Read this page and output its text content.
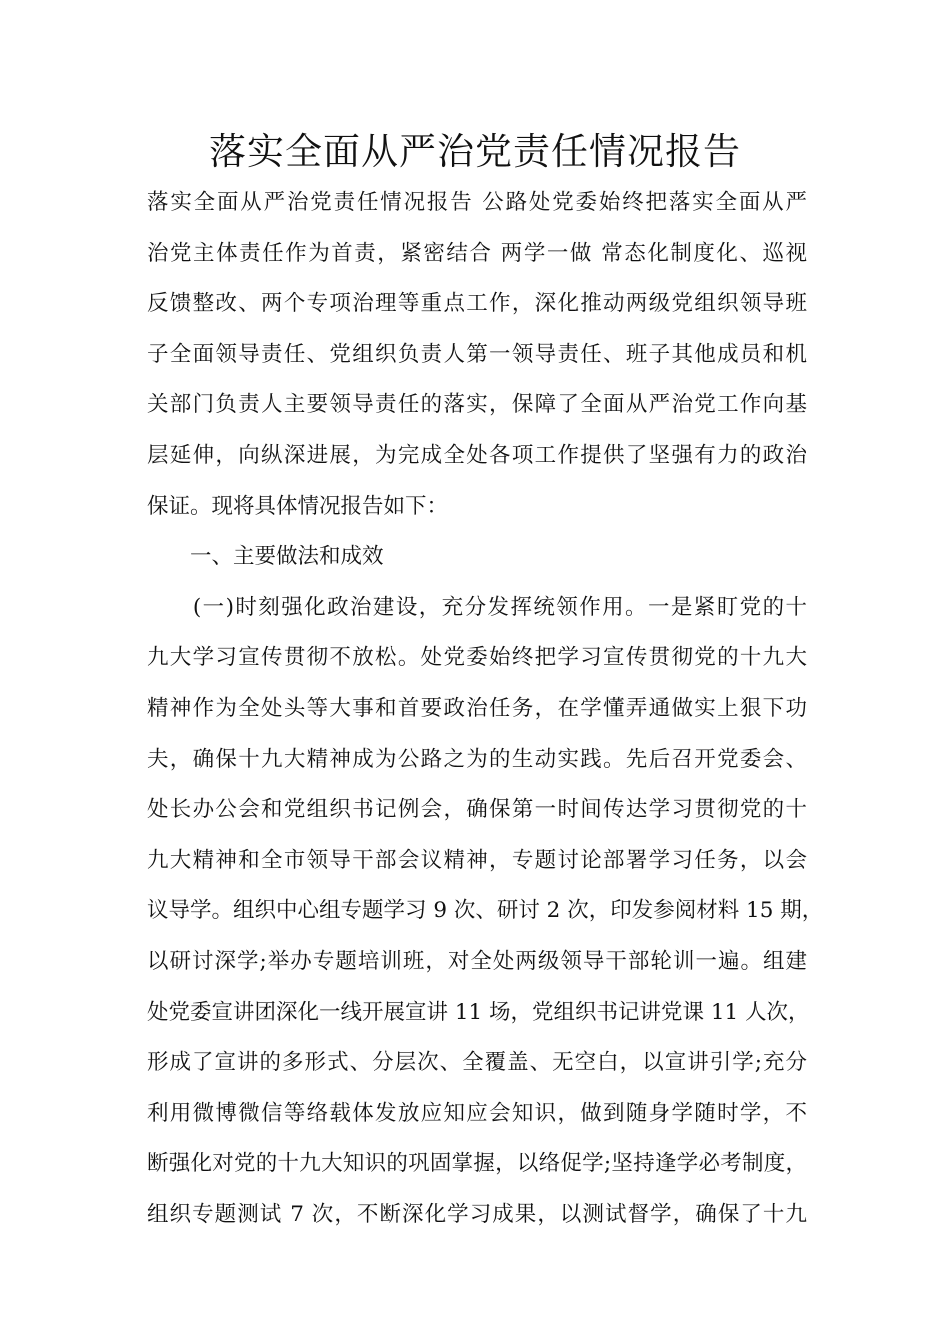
落实全面从严治党责任情况报告
落实全面从严治党责任情况报告 公路处党委始终把落实全面从严
治党主体责任作为首责，紧密结合 两学一做 常态化制度化、巡视
反馈整改、两个专项治理等重点工作，深化推动两级党组织领导班
子全面领导责任、党组织负责人第一领导责任、班子其他成员和机
关部门负责人主要领导责任的落实，保障了全面从严治党工作向基
层延伸，向纵深进展，为完成全处各项工作提供了坚强有力的政治
保证。现将具体情况报告如下：
　　一、主要做法和成效
　　(一)时刻强化政治建设，充分发挥统领作用。一是紧盯党的十
九大学习宣传贯彻不放松。处党委始终把学习宣传贯彻党的十九大
精神作为全处头等大事和首要政治任务，在学懂弄通做实上狠下功
夫，确保十九大精神成为公路之为的生动实践。先后召开党委会、
处长办公会和党组织书记例会，确保第一时间传达学习贯彻党的十
九大精神和全市领导干部会议精神，专题讨论部署学习任务，以会
议导学。组织中心组专题学习 9 次、研讨 2 次，印发参阅材料 15 期，
以研讨深学;举办专题培训班，对全处两级领导干部轮训一遍。组建
处党委宣讲团深化一线开展宣讲 11 场，党组织书记讲党课 11 人次，
形成了宣讲的多形式、分层次、全覆盖、无空白，以宣讲引学;充分
利用微博微信等络载体发放应知应会知识，做到随身学随时学，不
断强化对党的十九大知识的巩固掌握，以络促学;坚持逢学必考制度，
组织专题测试 7 次，不断深化学习成果，以测试督学，确保了十九
